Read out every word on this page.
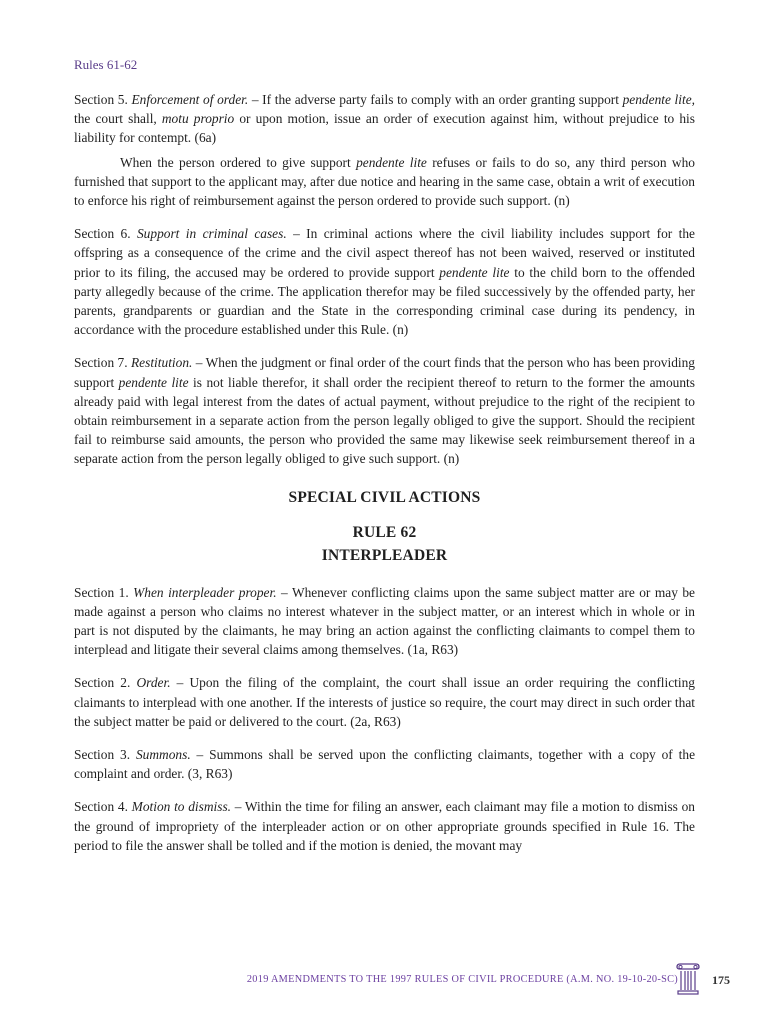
Rules 61-62

Section 5. Enforcement of order. – If the adverse party fails to comply with an order granting support pendente lite, the court shall, motu proprio or upon motion, issue an order of execution against him, without prejudice to his liability for contempt. (6a)

When the person ordered to give support pendente lite refuses or fails to do so, any third person who furnished that support to the applicant may, after due notice and hearing in the same case, obtain a writ of execution to enforce his right of reimbursement against the person ordered to provide such support. (n)

Section 6. Support in criminal cases. – In criminal actions where the civil liability includes support for the offspring as a consequence of the crime and the civil aspect thereof has not been waived, reserved or instituted prior to its filing, the accused may be ordered to provide support pendente lite to the child born to the offended party allegedly because of the crime. The application therefor may be filed successively by the offended party, her parents, grandparents or guardian and the State in the corresponding criminal case during its pendency, in accordance with the procedure established under this Rule. (n)

Section 7. Restitution. – When the judgment or final order of the court finds that the person who has been providing support pendente lite is not liable therefor, it shall order the recipient thereof to return to the former the amounts already paid with legal interest from the dates of actual payment, without prejudice to the right of the recipient to obtain reimbursement in a separate action from the person legally obliged to give the support. Should the recipient fail to reimburse said amounts, the person who provided the same may likewise seek reimbursement thereof in a separate action from the person legally obliged to give such support. (n)

SPECIAL CIVIL ACTIONS
RULE 62
INTERPLEADER

Section 1. When interpleader proper. – Whenever conflicting claims upon the same subject matter are or may be made against a person who claims no interest whatever in the subject matter, or an interest which in whole or in part is not disputed by the claimants, he may bring an action against the conflicting claimants to compel them to interplead and litigate their several claims among themselves. (1a, R63)

Section 2. Order. – Upon the filing of the complaint, the court shall issue an order requiring the conflicting claimants to interplead with one another. If the interests of justice so require, the court may direct in such order that the subject matter be paid or delivered to the court. (2a, R63)

Section 3. Summons. – Summons shall be served upon the conflicting claimants, together with a copy of the complaint and order. (3, R63)

Section 4. Motion to dismiss. – Within the time for filing an answer, each claimant may file a motion to dismiss on the ground of impropriety of the interpleader action or on other appropriate grounds specified in Rule 16. The period to file the answer shall be tolled and if the motion is denied, the movant may

2019 AMENDMENTS TO THE 1997 RULES OF CIVIL PROCEDURE (A.M. NO. 19-10-20-SC)	175
